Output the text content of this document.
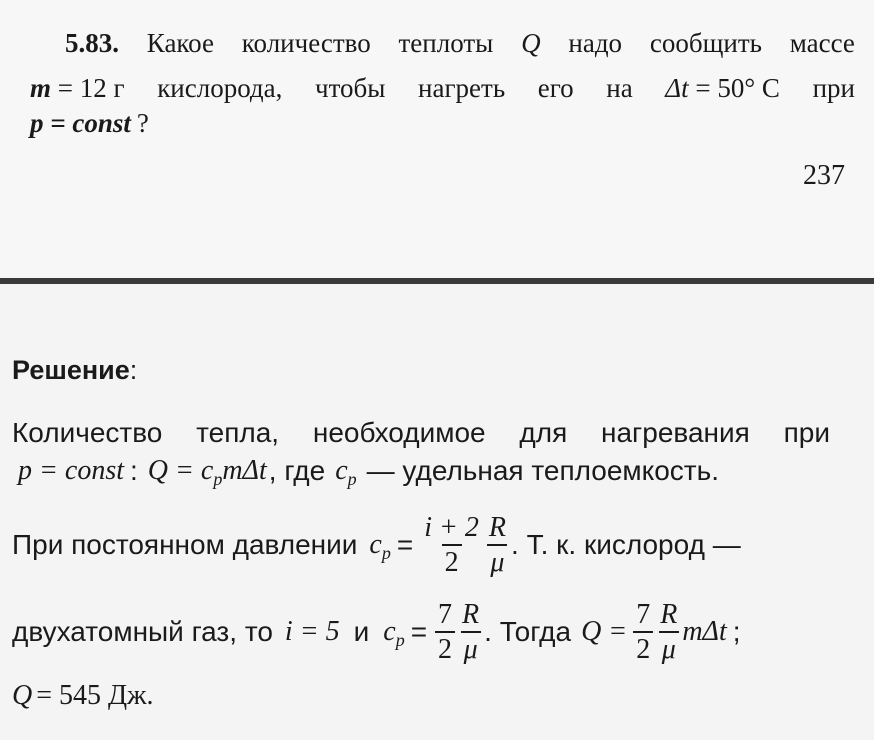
5.83. Какое количество теплоты Q надо сообщить массе
m = 12 г кислорода, чтобы нагреть его на Δt = 50° C при
p = const ?
237
Решение :
Количество тепла, необходимое для нагревания при
p = const : Q = c p mΔt , где c p — удельная теплоемкость.
При постоянном давлении c $p = \frac{i + 2}{2} \frac{R}{\mu}$ . Т. к. кислород —
двухатомный газ, то i = 5 и c $p = \frac{7}{2} \frac{R}{\mu}$ . Тогда $Q = \frac{7}{2} \frac{R}{\mu}$ mΔt ;
Q = 545 Дж.
